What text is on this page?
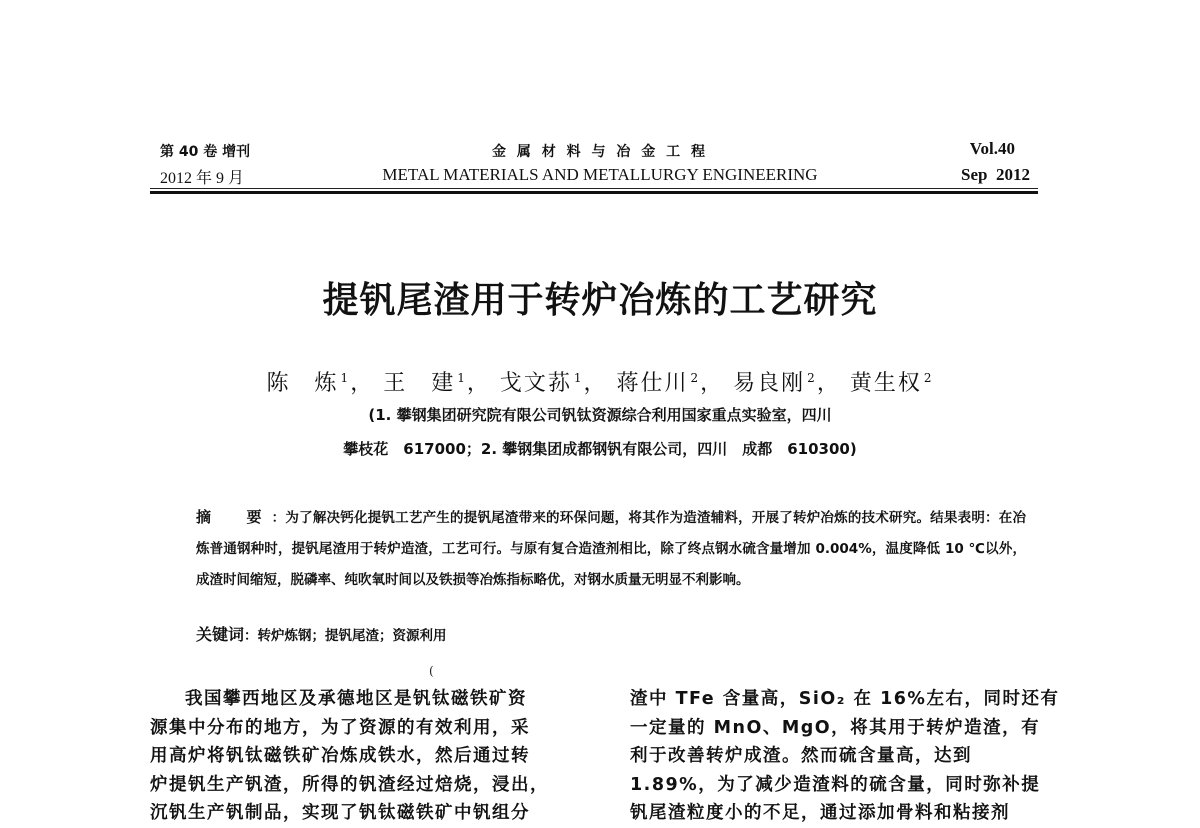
第 40 卷 增刊
2012 年 9 月
金 属 材 料 与 冶 金 工 程
METAL MATERIALS AND METALLURGY ENGINEERING
Vol.40
Sep  2012
提钒尾渣用于转炉冶炼的工艺研究
陈　炼 $^1$， 王　建 $^1$， 戈文荪 $^1$， 蒋仕川 $^2$， 易良刚 $^2$， 黄生权 $^2$
(1. 攀钢集团研究院有限公司钒钛资源综合利用国家重点实验室，四川
攀枝花　617000；2. 攀钢集团成都钢钒有限公司，四川　成都　610300)
摘　要：为了解决钙化提钒工艺产生的提钒尾渣带来的环保问题，将其作为造渣辅料，开展了转炉冶炼的技术研究。结果表明：在冶炼普通钢种时，提钒尾渣用于转炉造渣，工艺可行。与原有复合造渣剂相比，除了终点钢水硫含量增加 0.004%，温度降低 10 ℃以外，成渣时间缩短，脱磷率、纯吹氧时间以及铁损等冶炼指标略优，对钢水质量无明显不利影响。
关键词：转炉炼钢；提钒尾渣；资源利用
(

我国攀西地区及承德地区是钒钛磁铁矿资

源集中分布的地方，为了资源的有效利用，采

用高炉将钒钛磁铁矿冶炼成铁水，然后通过转

炉提钒生产钒渣，所得的钒渣经过焙烧，浸出，

沉钒生产钒制品，实现了钒钛磁铁矿中钒组分

渣中 TFe 含量高，SiO₂ 在 16%左右，同时还有

一定量的 MnO、MgO，将其用于转炉造渣，有

利于改善转炉成渣。然而硫含量高，达到

1.89%，为了减少造渣料的硫含量，同时弥补提

钒尾渣粒度小的不足，通过添加骨料和粘接剂
